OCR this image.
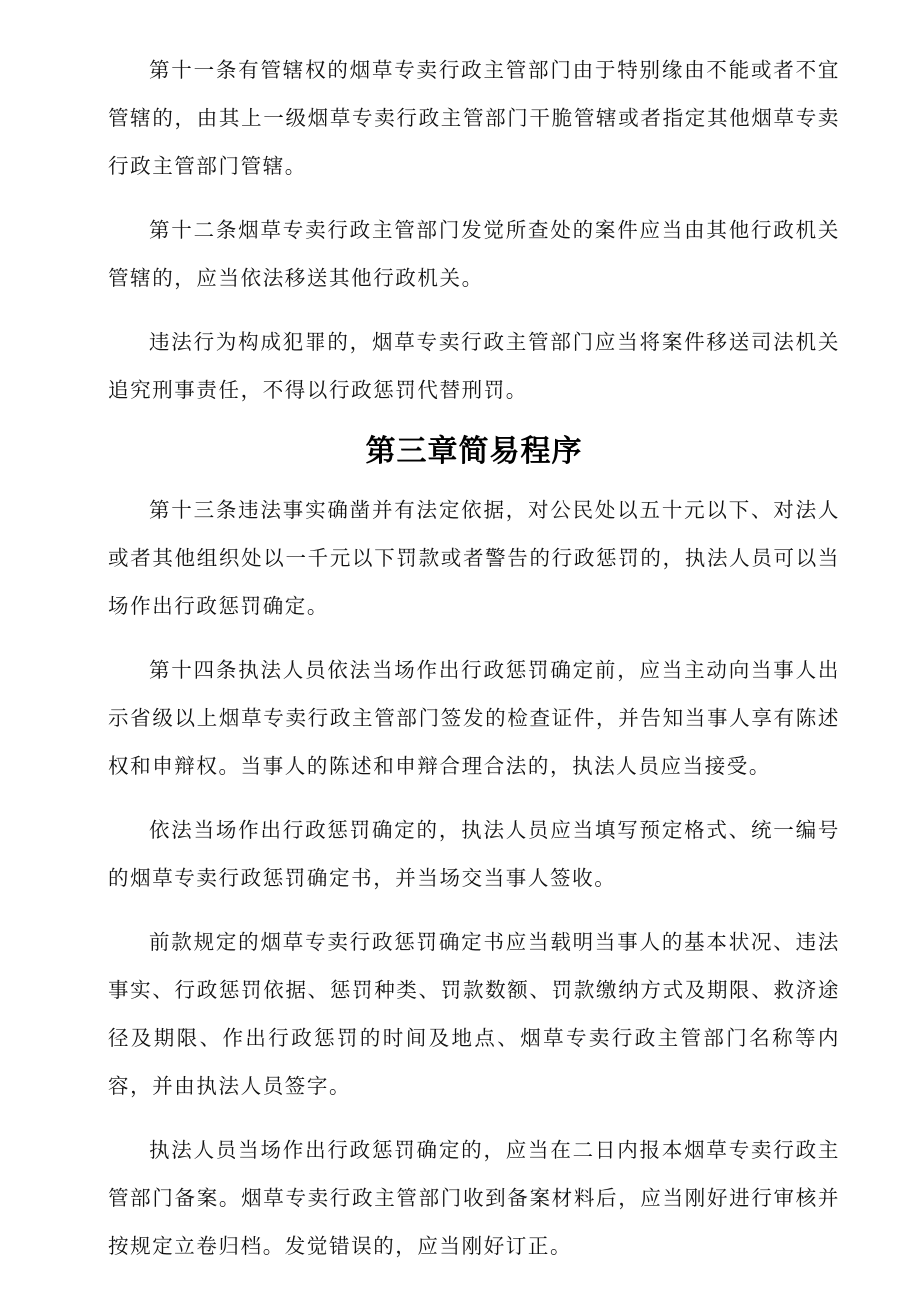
第十一条有管辖权的烟草专卖行政主管部门由于特别缘由不能或者不宜管辖的，由其上一级烟草专卖行政主管部门干脆管辖或者指定其他烟草专卖行政主管部门管辖。

第十二条烟草专卖行政主管部门发觉所查处的案件应当由其他行政机关管辖的，应当依法移送其他行政机关。

违法行为构成犯罪的，烟草专卖行政主管部门应当将案件移送司法机关追究刑事责任，不得以行政惩罚代替刑罚。

第三章简易程序

第十三条违法事实确凿并有法定依据，对公民处以五十元以下、对法人或者其他组织处以一千元以下罚款或者警告的行政惩罚的，执法人员可以当场作出行政惩罚确定。

第十四条执法人员依法当场作出行政惩罚确定前，应当主动向当事人出示省级以上烟草专卖行政主管部门签发的检查证件，并告知当事人享有陈述权和申辩权。当事人的陈述和申辩合理合法的，执法人员应当接受。

依法当场作出行政惩罚确定的，执法人员应当填写预定格式、统一编号的烟草专卖行政惩罚确定书，并当场交当事人签收。

前款规定的烟草专卖行政惩罚确定书应当载明当事人的基本状况、违法事实、行政惩罚依据、惩罚种类、罚款数额、罚款缴纳方式及期限、救济途径及期限、作出行政惩罚的时间及地点、烟草专卖行政主管部门名称等内容，并由执法人员签字。

执法人员当场作出行政惩罚确定的，应当在二日内报本烟草专卖行政主管部门备案。烟草专卖行政主管部门收到备案材料后，应当刚好进行审核并按规定立卷归档。发觉错误的，应当刚好订正。
